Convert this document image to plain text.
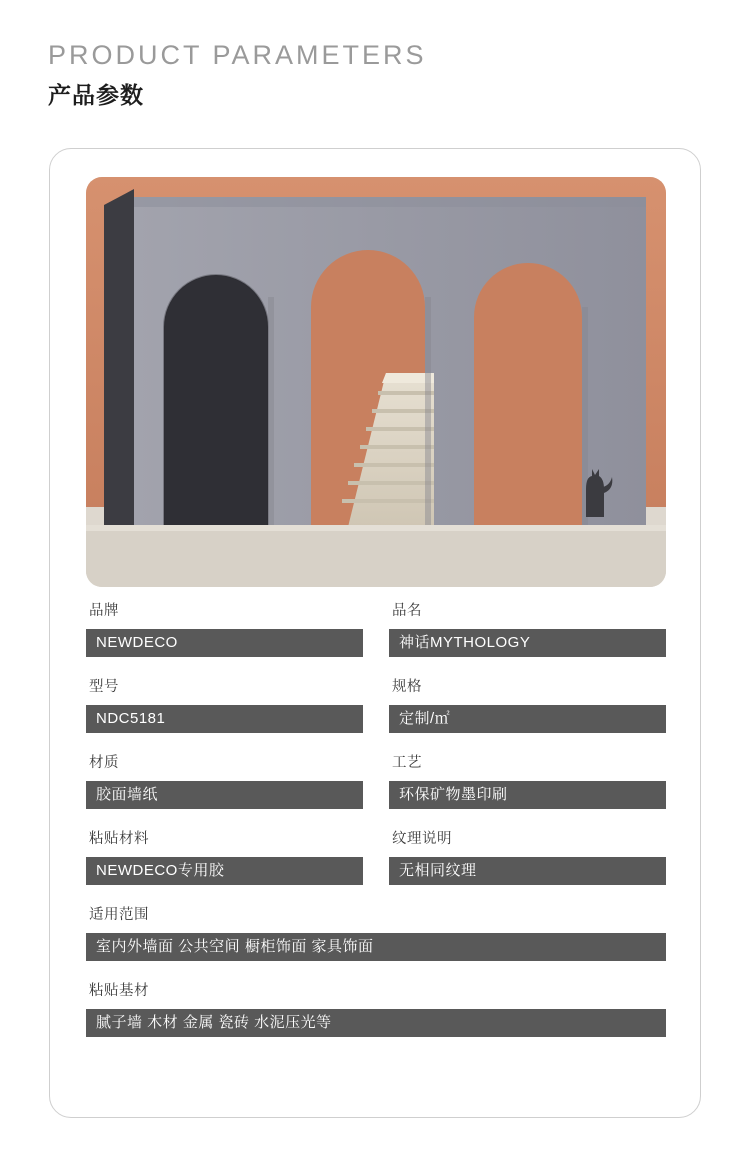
PRODUCT PARAMETERS
产品参数
品牌
NEWDECO
品名
神话MYTHOLOGY
型号
NDC5181
规格
定制/㎡
材质
胶面墙纸
工艺
环保矿物墨印刷
粘贴材料
NEWDECO专用胶
纹理说明
无相同纹理
适用范围
室内外墙面 公共空间 橱柜饰面 家具饰面
粘贴基材
腻子墙 木材 金属 瓷砖 水泥压光等
